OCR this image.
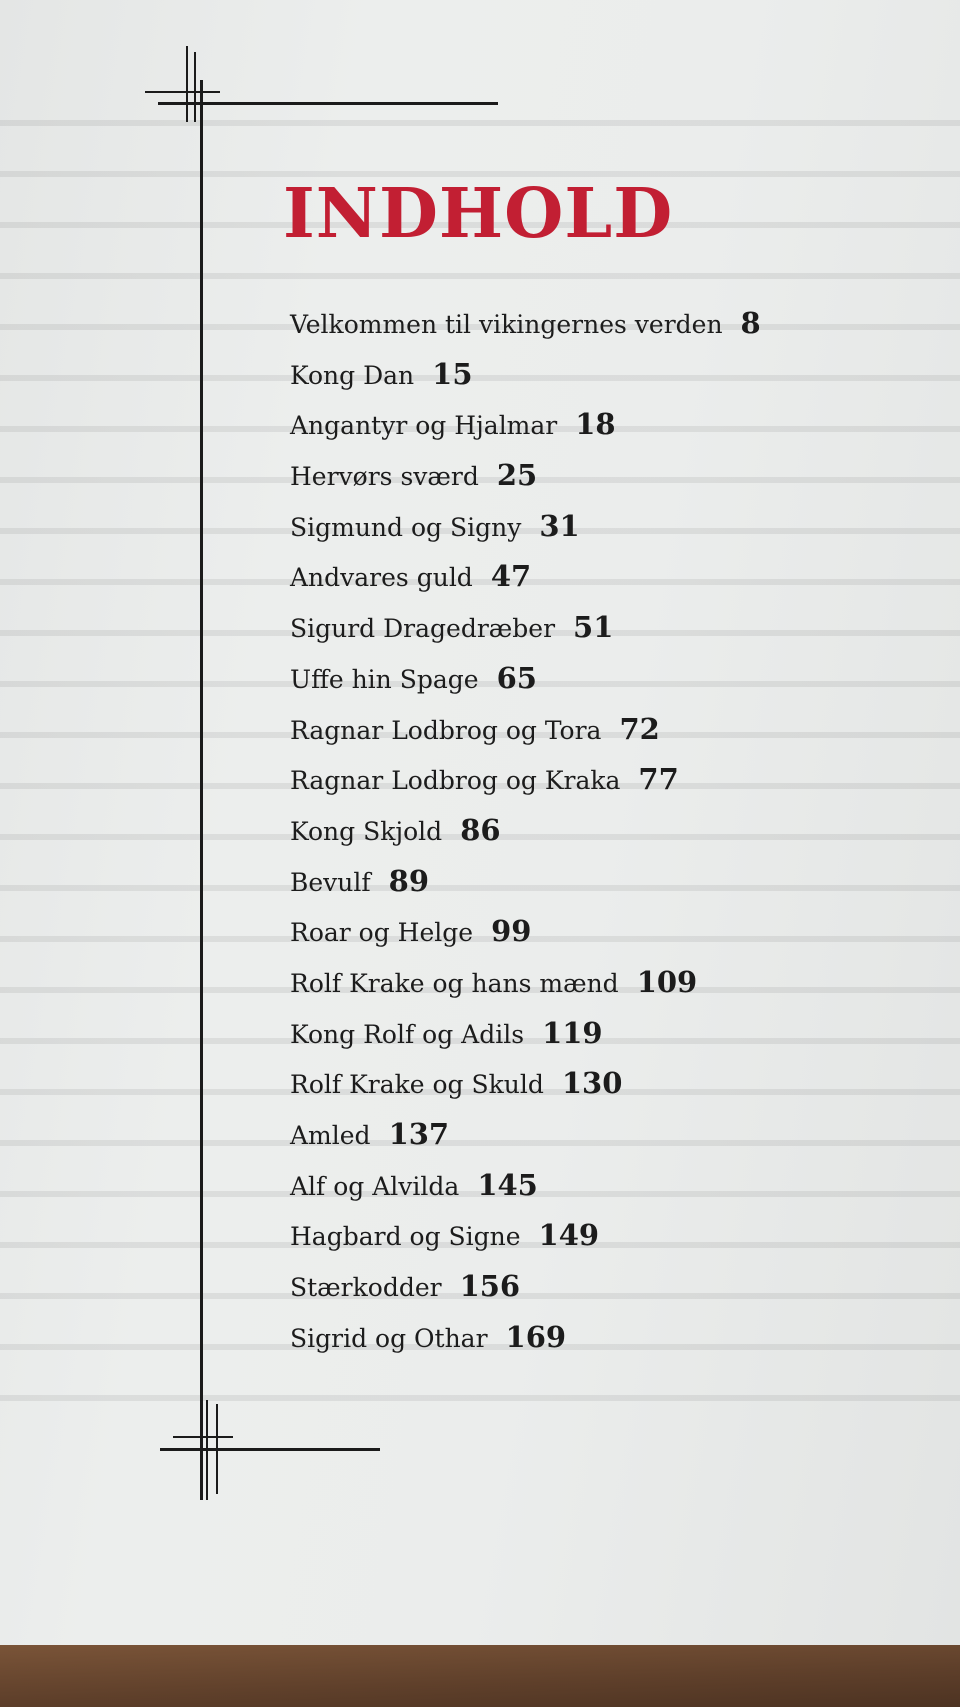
INDHOLD
Velkommen til vikingernes verden 8
Kong Dan 15
Angantyr og Hjalmar 18
Hervørs sværd 25
Sigmund og Signy 31
Andvares guld 47
Sigurd Dragedræber 51
Uffe hin Spage 65
Ragnar Lodbrog og Tora 72
Ragnar Lodbrog og Kraka 77
Kong Skjold 86
Bevulf 89
Roar og Helge 99
Rolf Krake og hans mænd 109
Kong Rolf og Adils 119
Rolf Krake og Skuld 130
Amled 137
Alf og Alvilda 145
Hagbard og Signe 149
Stærkodder 156
Sigrid og Othar 169
